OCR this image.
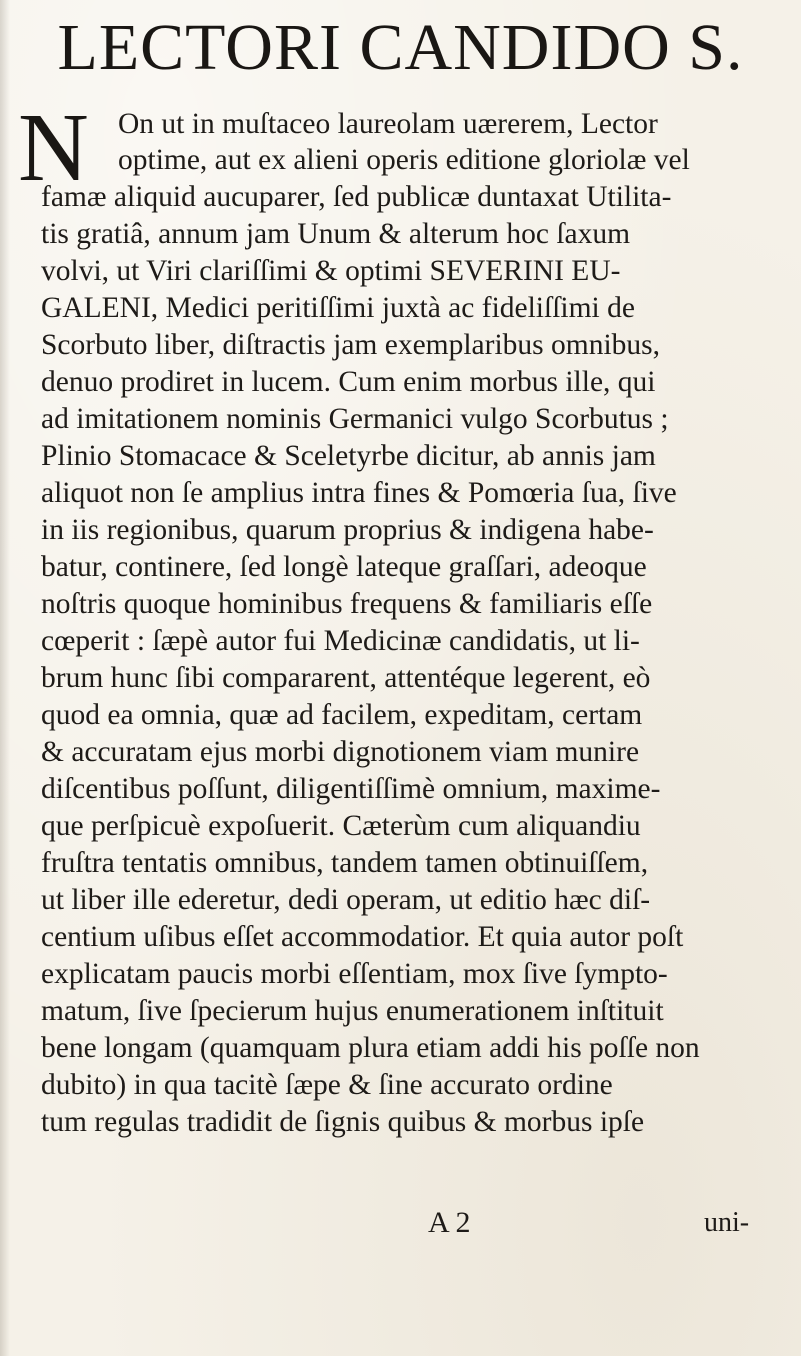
LECTORI CANDIDO S.
N On ut in muſtaceo laureolam uærerem, Lector
optime, aut ex alieni operis editione gloriolæ vel
famæ aliquid aucuparer, ſed publicæ duntaxat Utilita-
tis gratiâ, annum jam Unum & alterum hoc ſaxum
volvi, ut Viri clariſſimi & optimi SEVERINI EU-
GALENI, Medici peritiſſimi juxtà ac fideliſſimi de
Scorbuto liber, diſtractis jam exemplaribus omnibus,
denuo prodiret in lucem. Cum enim morbus ille, qui
ad imitationem nominis Germanici vulgo Scorbutus ;
Plinio Stomacace & Sceletyrbe dicitur, ab annis jam
aliquot non ſe amplius intra fines & Pomœria ſua, ſive
in iis regionibus, quarum proprius & indigena habe-
batur, continere, ſed longè lateque graſſari, adeoque
noſtris quoque hominibus frequens & familiaris eſſe
cœperit : ſæpè autor fui Medicinæ candidatis, ut li-
brum hunc ſibi compararent, attentéque legerent, eò
quod ea omnia, quæ ad facilem, expeditam, certam
& accuratam ejus morbi dignotionem viam munire
diſcentibus poſſunt, diligentiſſimè omnium, maxime-
que perſpicuè expoſuerit. Cæterùm cum aliquandiu
fruſtra tentatis omnibus, tandem tamen obtinuiſſem,
ut liber ille ederetur, dedi operam, ut editio hæc diſ-
centium uſibus eſſet accommodatior. Et quia autor poſt
explicatam paucis morbi eſſentiam, mox ſive ſympto-
matum, ſive ſpecierum hujus enumerationem inſtituit
bene longam (quamquam plura etiam addi his poſſe non
dubito) in qua tacitè ſæpe & ſine accurato ordine
tum regulas tradidit de ſignis quibus & morbus ipſe
A 2	uni-
